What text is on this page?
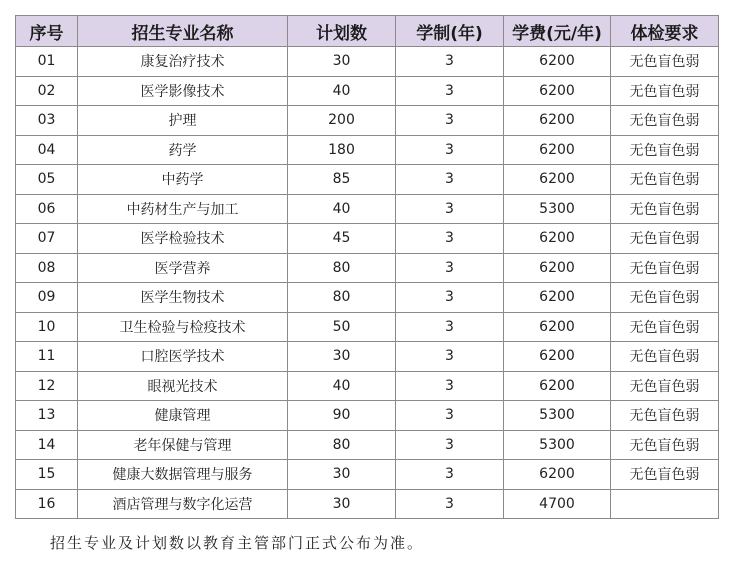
序号	招生专业名称	计划数	学制(年)	学费(元/年)	体检要求
01	康复治疗技术	30	3	6200	无色盲色弱
02	医学影像技术	40	3	6200	无色盲色弱
03	护理	200	3	6200	无色盲色弱
04	药学	180	3	6200	无色盲色弱
05	中药学	85	3	6200	无色盲色弱
06	中药材生产与加工	40	3	5300	无色盲色弱
07	医学检验技术	45	3	6200	无色盲色弱
08	医学营养	80	3	6200	无色盲色弱
09	医学生物技术	80	3	6200	无色盲色弱
10	卫生检验与检疫技术	50	3	6200	无色盲色弱
11	口腔医学技术	30	3	6200	无色盲色弱
12	眼视光技术	40	3	6200	无色盲色弱
13	健康管理	90	3	5300	无色盲色弱
14	老年保健与管理	80	3	5300	无色盲色弱
15	健康大数据管理与服务	30	3	6200	无色盲色弱
16	酒店管理与数字化运营	30	3	4700	
招生专业及计划数以教育主管部门正式公布为准。
